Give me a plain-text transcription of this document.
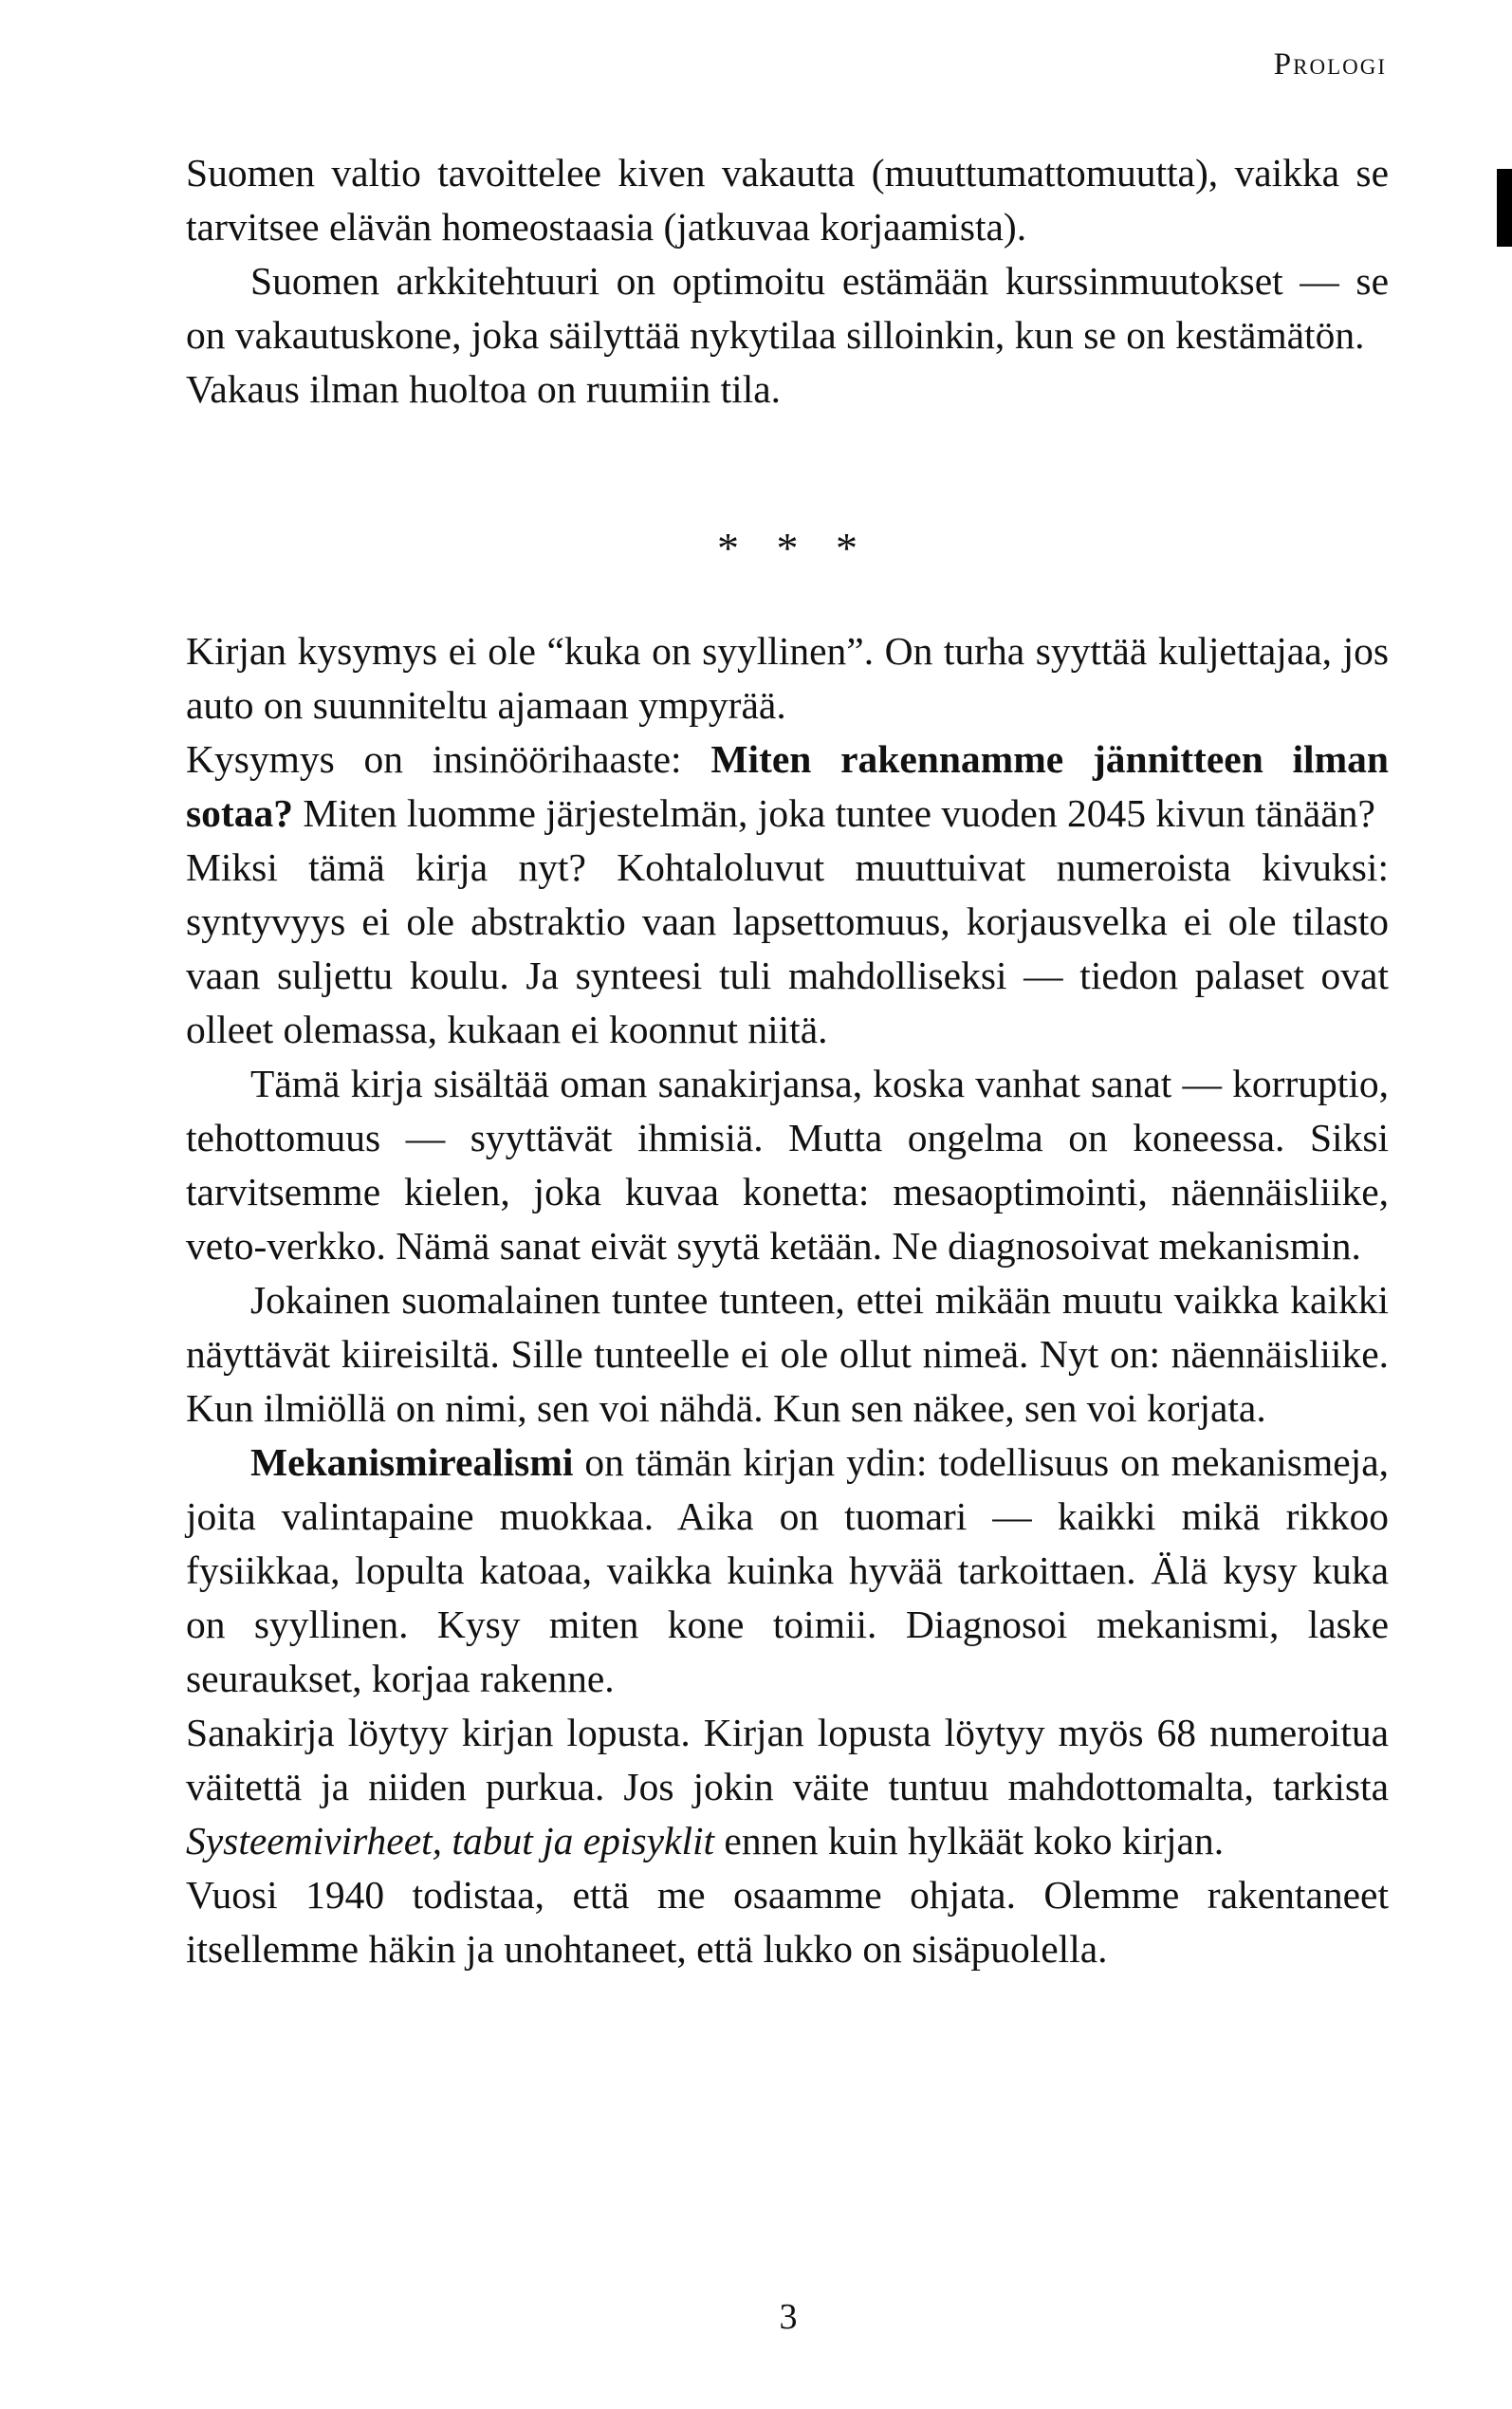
Prologi

Suomen valtio tavoittelee kiven vakautta (muuttumattomuutta), vaikka se tarvitsee elävän homeostaasia (jatkuvaa korjaamista).

Suomen arkkitehtuuri on optimoitu estämään kurssinmuutokset — se on vakautuskone, joka säilyttää nykytilaa silloinkin, kun se on kestämätön.

Vakaus ilman huoltoa on ruumiin tila.

* * *

Kirjan kysymys ei ole “kuka on syyllinen”. On turha syyttää kuljettajaa, jos auto on suunniteltu ajamaan ympyrää.

Kysymys on insinöörihaaste: Miten rakennamme jännitteen ilman sotaa? Miten luomme järjestelmän, joka tuntee vuoden 2045 kivun tänään?

Miksi tämä kirja nyt? Kohtaloluvut muuttuivat numeroista kivuksi: syntyvyys ei ole abstraktio vaan lapsettomuus, korjausvelka ei ole tilasto vaan suljettu koulu. Ja synteesi tuli mahdolliseksi — tiedon palaset ovat olleet olemassa, kukaan ei koonnut niitä.

Tämä kirja sisältää oman sanakirjansa, koska vanhat sanat — korruptio, tehottomuus — syyttävät ihmisiä. Mutta ongelma on koneessa. Siksi tarvitsemme kielen, joka kuvaa konetta: mesaoptimointi, näennäisliike, veto-verkko. Nämä sanat eivät syytä ketään. Ne diagnosoivat mekanismin.

Jokainen suomalainen tuntee tunteen, ettei mikään muutu vaikka kaikki näyttävät kiireisiltä. Sille tunteelle ei ole ollut nimeä. Nyt on: näennäisliike. Kun ilmiöllä on nimi, sen voi nähdä. Kun sen näkee, sen voi korjata.

Mekanismirealismi on tämän kirjan ydin: todellisuus on mekanismeja, joita valintapaine muokkaa. Aika on tuomari — kaikki mikä rikkoo fysiikkaa, lopulta katoaa, vaikka kuinka hyvää tarkoittaen. Älä kysy kuka on syyllinen. Kysy miten kone toimii. Diagnosoi mekanismi, laske seuraukset, korjaa rakenne.

Sanakirja löytyy kirjan lopusta. Kirjan lopusta löytyy myös 68 numeroitua väitettä ja niiden purkua. Jos jokin väite tuntuu mahdottomalta, tarkista Systeemivirheet, tabut ja episyklit ennen kuin hylkäät koko kirjan.

Vuosi 1940 todistaa, että me osaamme ohjata. Olemme rakentaneet itsellemme häkin ja unohtaneet, että lukko on sisäpuolella.

3
